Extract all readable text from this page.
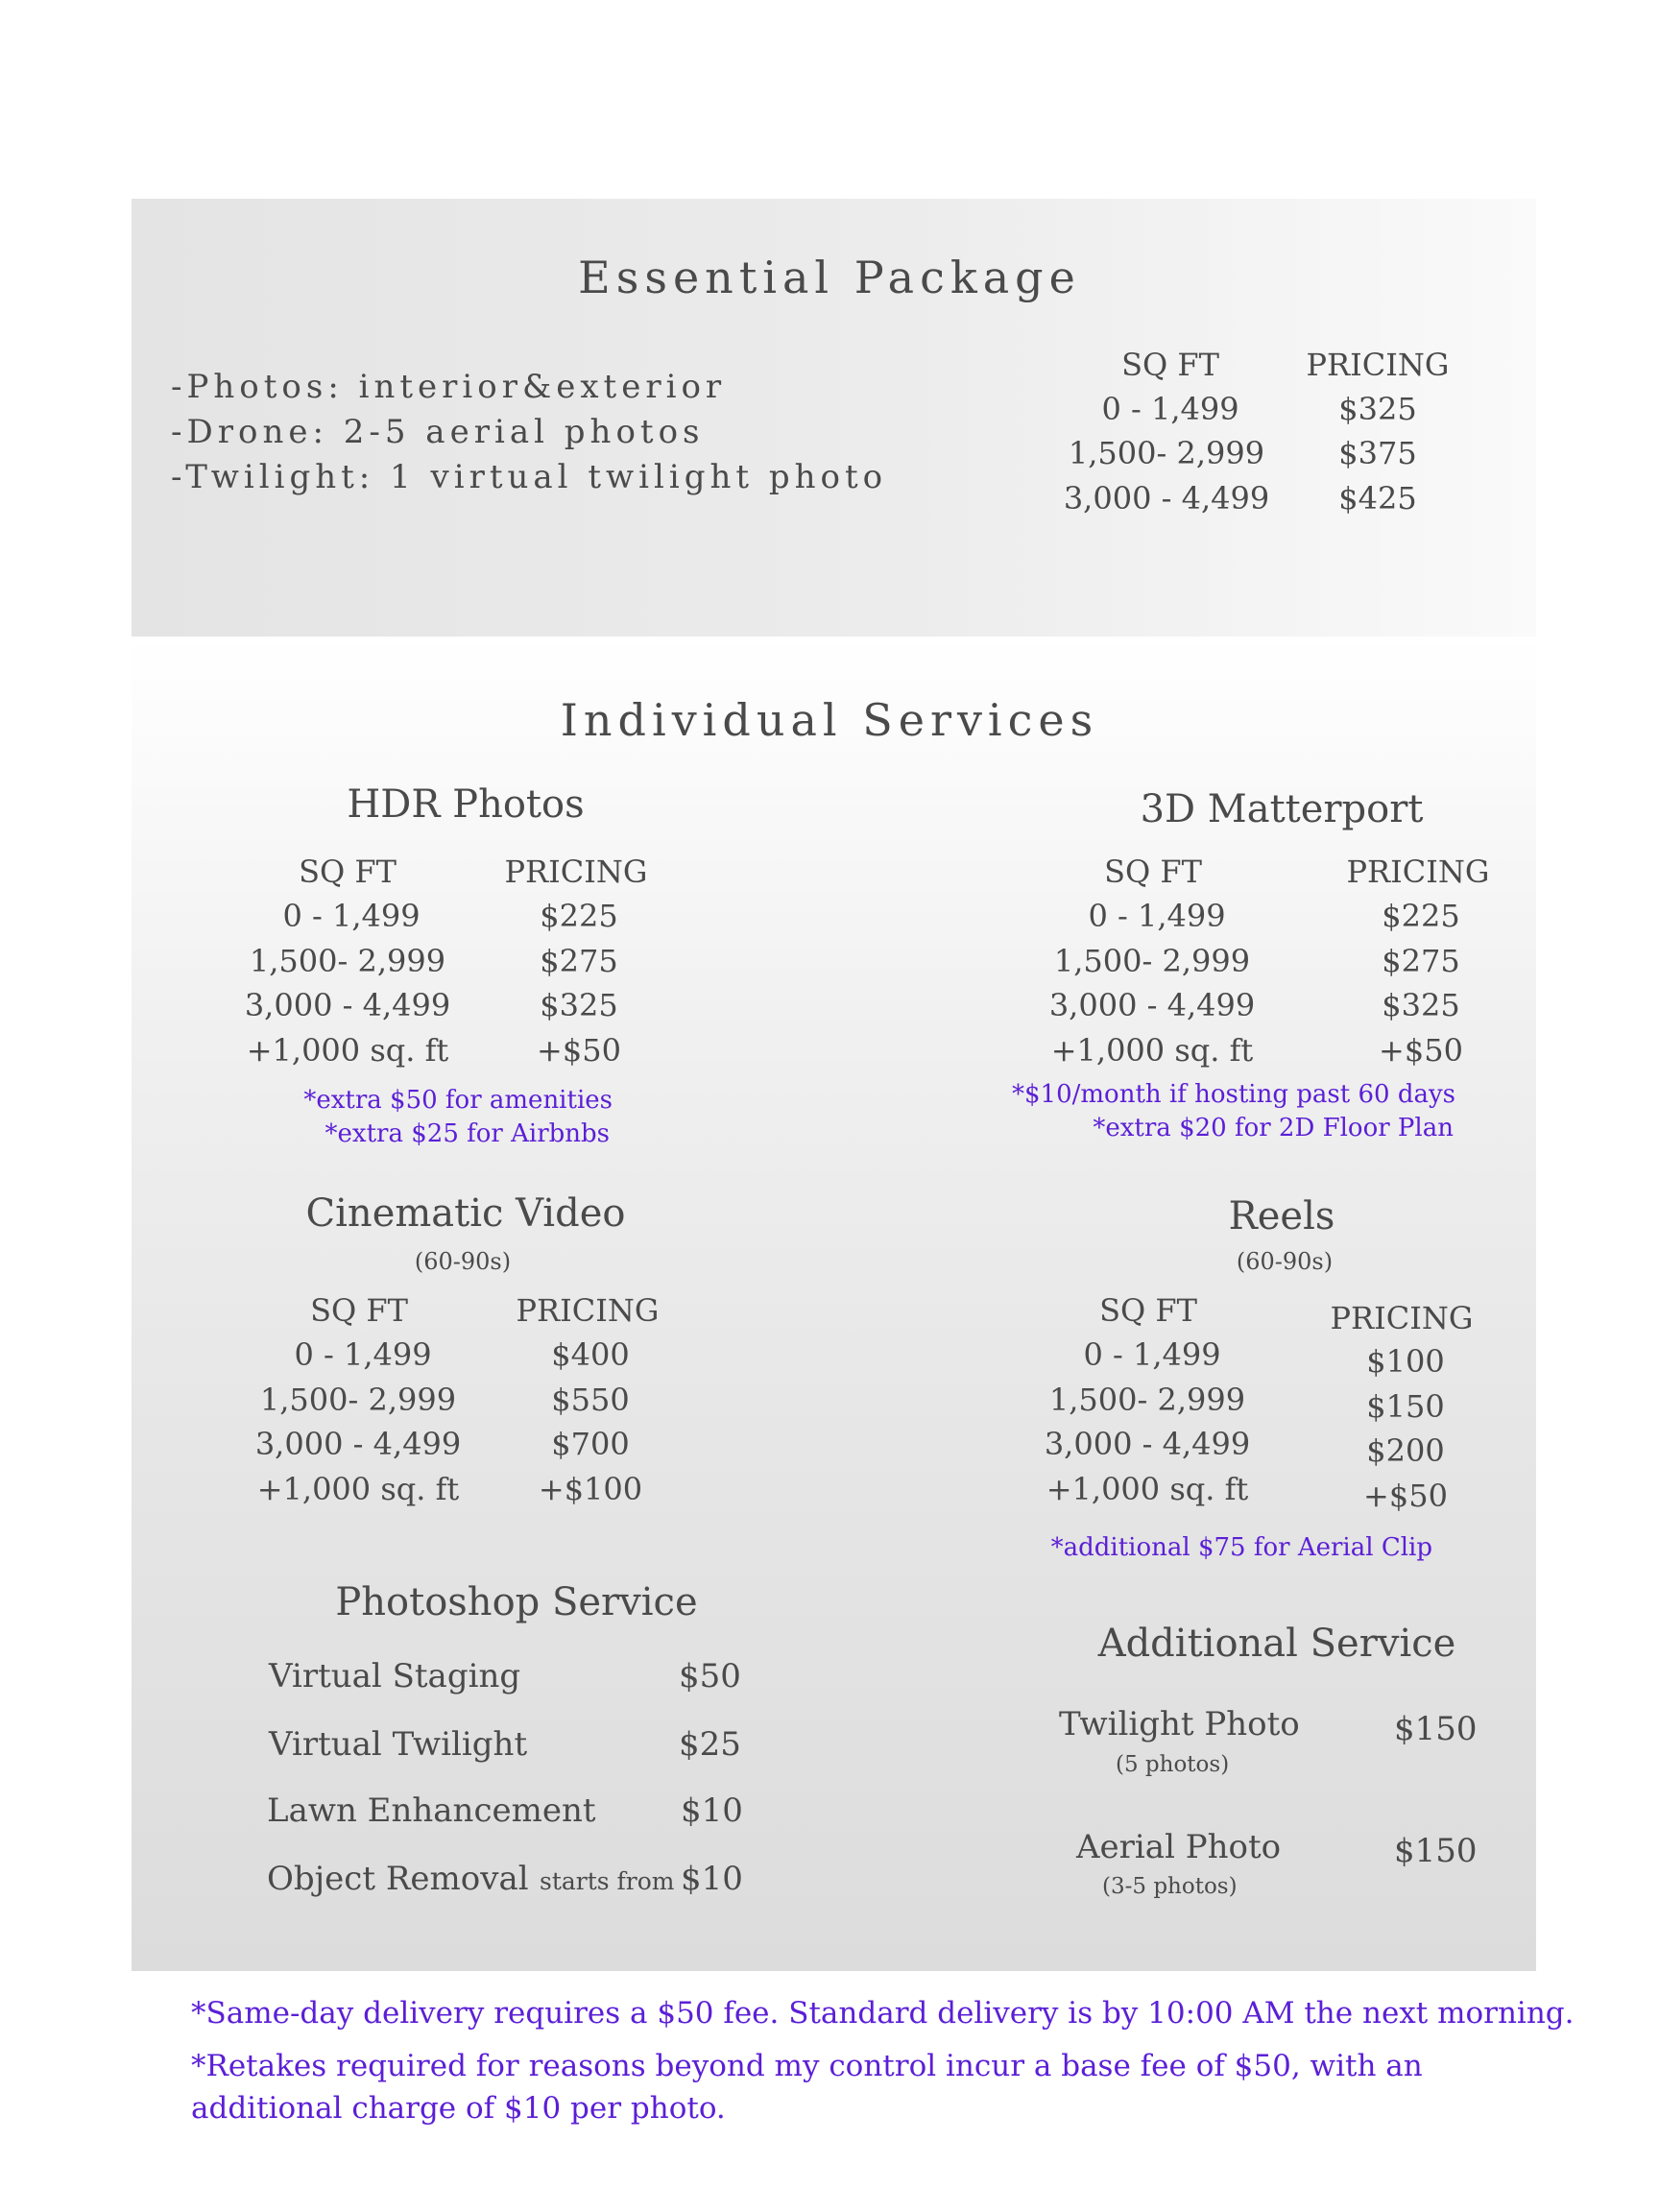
Essential Package
-Photos: interior&exterior
-Drone: 2-5 aerial photos
-Twilight: 1 virtual twilight photo
SQ FT	PRICING
0 - 1,499	$325
1,500- 2,999 $375
3,000 - 4,499 $425
Individual Services
HDR Photos
SQ FT	PRICING
0 - 1,499	$225
1,500- 2,999	$275
3,000 - 4,499	$325
+1,000 sq. ft	+$50
*extra $50 for amenities
*extra $25 for Airbnbs
3D Matterport
SQ FT	PRICING
0 - 1,499	$225
1,500- 2,999	$275
3,000 - 4,499	$325
+1,000 sq. ft	+$50
*$10/month if hosting past 60 days
*extra $20 for 2D Floor Plan
Cinematic Video
(60-90s)
SQ FT	PRICING
0 - 1,499	$400
1,500- 2,999	$550
3,000 - 4,499	$700
+1,000 sq. ft	+$100
Reels
(60-90s)
SQ FT	PRICING
0 - 1,499	$100
1,500- 2,999	$150
3,000 - 4,499	$200
+1,000 sq. ft	+$50
*additional $75 for Aerial Clip
Photoshop Service
Virtual Staging	$50
Virtual Twilight	$25
Lawn Enhancement	$10
Object Removal starts from $10
Additional Service
Twilight Photo
(5 photos)
$150
Aerial Photo
(3-5 photos)
$150
*Same-day delivery requires a $50 fee. Standard delivery is by 10:00 AM the next morning.
*Retakes required for reasons beyond my control incur a base fee of $50, with an additional charge of $10 per photo.
